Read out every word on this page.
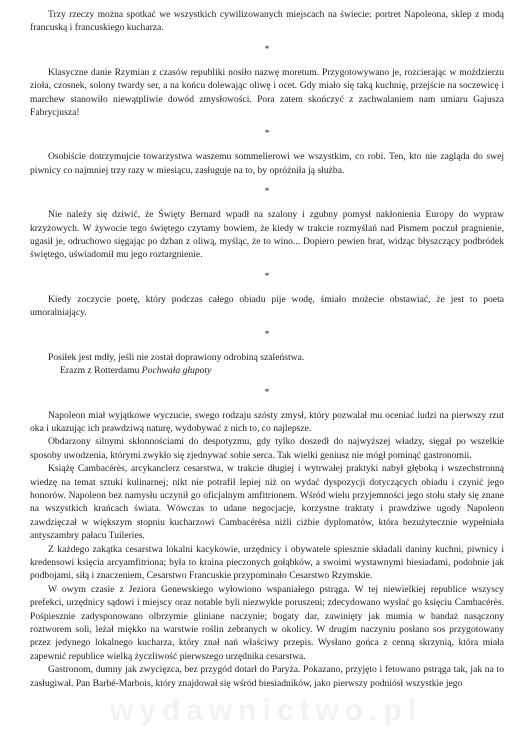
Trzy rzeczy można spotkać we wszystkich cywilizowanych miejscach na świecie: portret Napoleona, sklep z modą francuską i francuskiego kucharza.

*

Klasyczne danie Rzymian z czasów republiki nosiło nazwę moretum. Przygotowywano je, rozcierając w moździerzu zioła, czosnek, solony twardy ser, a na końcu dolewając oliwę i ocet. Gdy miało się taką kuchnię, przejście na soczewicę i marchew stanowiło niewątpliwie dowód zmysłowości. Pora zatem skończyć z zachwalaniem nam umiaru Gajusza Fabrycjusza!

*

Osobiście dotrzymujcie towarzystwa waszemu sommelierowi we wszystkim, co robi. Ten, kto nie zagląda do swej piwnicy co najmniej trzy razy w miesiącu, zasługuje na to, by opróżniła ją służba.

*

Nie należy się dziwić, że Święty Bernard wpadł na szalony i zgubny pomysł nakłonienia Europy do wypraw krzyżowych. W żywocie tego świętego czytamy bowiem, że kiedy w trakcie rozmyślań nad Pismem poczuł pragnienie, ugasił je, odruchowo sięgając po dzban z oliwą, myśląc, że to wino... Dopiero pewien brat, widząc błyszczący podbródek świętego, uświadomił mu jego roztargnienie.

*

Kiedy zoczycie poetę, który podczas całego obiadu pije wodę, śmiało możecie obstawiać, że jest to poeta umoralniający.

*

Posiłek jest mdły, jeśli nie został doprawiony odrobiną szaleństwa.

Erazm z Rotterdamu Pochwała głupoty

*

Napoleon miał wyjątkowe wyczucie, swego rodzaju szósty zmysł, który pozwalał mu oceniać ludzi na pierwszy rzut oka i ukazując ich prawdziwą naturę, wydobywać z nich to, co najlepsze.

Obdarzony silnymi skłonnościami do despotyzmu, gdy tylko doszedł do najwyższej władzy, sięgał po wszelkie sposoby uwodzenia, którymi zwykło się zjednywać sobie serca. Tak wielki geniusz nie mógł pominąć gastronomii.

Książę Cambacérès, arcykanclerz cesarstwa, w trakcie długiej i wytrwałej praktyki nabył głęboką i wszechstronną wiedzę na temat sztuki kulinarnej; nikt nie potrafił lepiej niż on wydać dyspozycji dotyczących obiadu i czynić jego honorów. Napoleon bez namysłu uczynił go oficjalnym amfitrionem. Wśród wielu przyjemności jego stołu stały się znane na wszystkich krańcach świata. Wówczas to udane negocjacje, korzystne traktaty i prawdziwe ugody Napoleon zawdzięczał w większym stopniu kucharzowi Cambacérèsa niżli ciżbie dyplomatów, która bezużytecznie wypełniała antyszambry pałacu Tuileries.

Z każdego zakątka cesarstwa lokalni kacykowie, urzędnicy i obywatele spiesznie składali daniny kuchni, piwnicy i kredensowi księcia arcyamfitriona; była to kraina pieczonych gołąbków, a swoimi wystawnymi biesiadami, podobnie jak podbojami, siłą i znaczeniem, Cesarstwo Francuskie przypominało Cesarstwo Rzymskie.

W owym czasie z Jeziora Genewskiego wyłowiono wspaniałego pstrąga. W tej niewielkiej republice wszyscy prefekci, urzędnicy sądowi i miejscy oraz notable byli niezwykle poruszeni; zdecydowano wysłać go księciu Cambacérès. Pośpiesznie zadysponowano olbrzymie gliniane naczynie; bogaty dar, zawinięty jak mumia w bandaż nasączony roztworem soli, leżał miękko na warstwie roślin zebranych w okolicy. W drugim naczyniu posłano sos przygotowany przez jedynego lokalnego kucharza, który znał nań właściwy przepis. Wysłano gońca z cenną skrzynią, która miała zapewnić republice wielką życzliwość pierwszego urzędnika cesarstwa.

Gastronom, dumny jak zwycięzca, bez przygód dotarł do Paryża. Pokazano, przyjęto i fetowano pstrąga tak, jak na to zasługiwał. Pan Barbé-Marbois, który znajdował się wśród biesiadników, jako pierwszy podniósł wszystkie jego

wydawnictwo.pl
